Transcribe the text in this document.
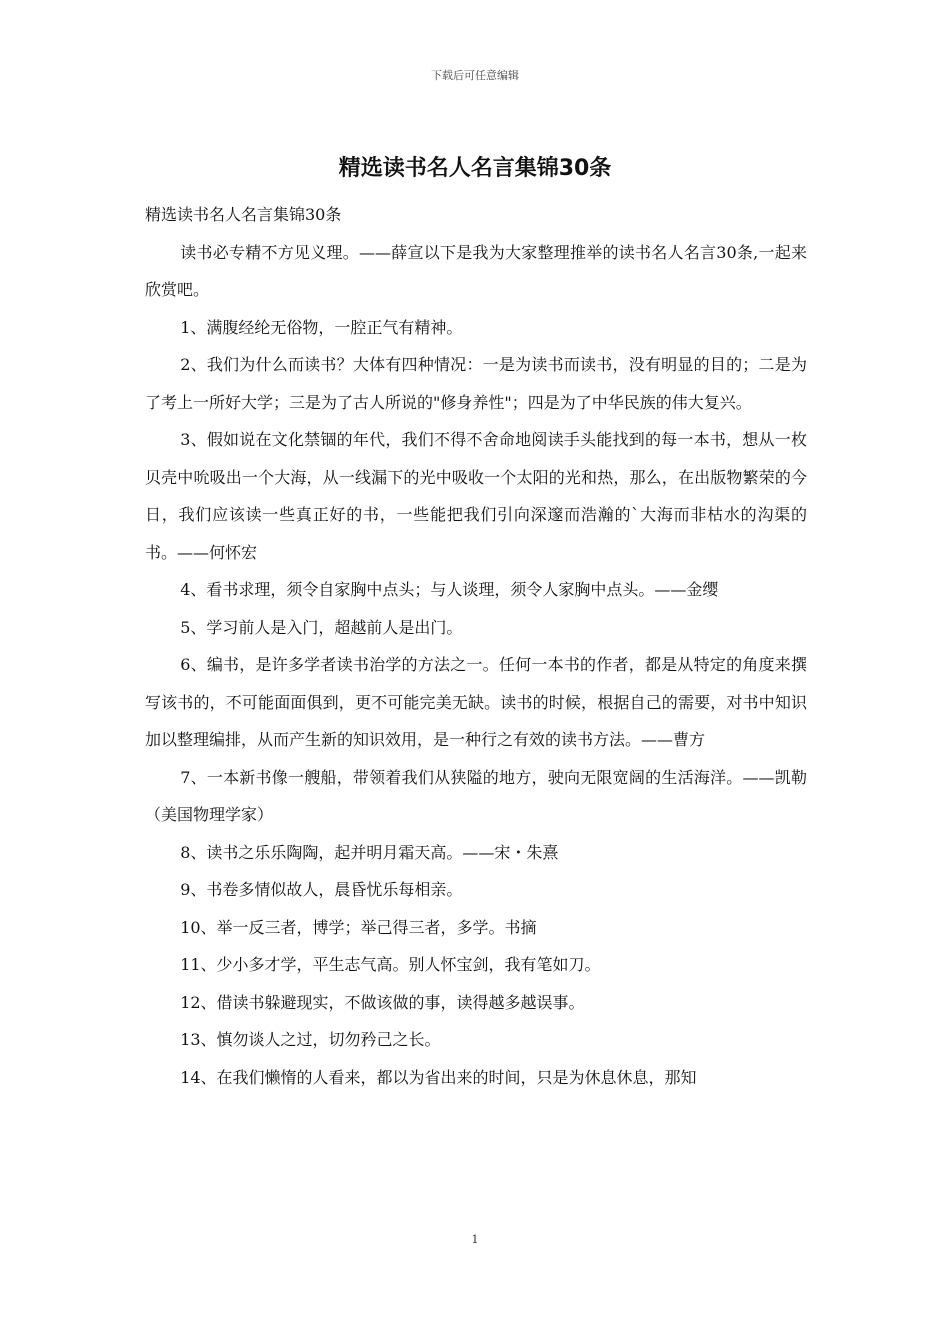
下载后可任意编辑
精选读书名人名言集锦30条

精选读书名人名言集锦30条

读书必专精不方见义理。——薛宣以下是我为大家整理推举的读书名人名言30条,一起来欣赏吧。

1、满腹经纶无俗物，一腔正气有精神。

2、我们为什么而读书？大体有四种情况：一是为读书而读书，没有明显的目的；二是为了考上一所好大学；三是为了古人所说的"修身养性"；四是为了中华民族的伟大复兴。

3、假如说在文化禁锢的年代，我们不得不舍命地阅读手头能找到的每一本书，想从一枚贝壳中吮吸出一个大海，从一线漏下的光中吸收一个太阳的光和热，那么，在出版物繁荣的今日，我们应该读一些真正好的书，一些能把我们引向深邃而浩瀚的`大海而非枯水的沟渠的书。——何怀宏

4、看书求理，须令自家胸中点头；与人谈理，须令人家胸中点头。——金缨

5、学习前人是入门，超越前人是出门。

6、编书，是许多学者读书治学的方法之一。任何一本书的作者，都是从特定的角度来撰写该书的，不可能面面俱到，更不可能完美无缺。读书的时候，根据自己的需要，对书中知识加以整理编排，从而产生新的知识效用，是一种行之有效的读书方法。——曹方

7、一本新书像一艘船，带领着我们从狭隘的地方，驶向无限宽阔的生活海洋。——凯勒（美国物理学家）

8、读书之乐乐陶陶，起并明月霜天高。——宋・朱熹

9、书卷多情似故人，晨昏忧乐每相亲。

10、举一反三者，博学；举己得三者，多学。书摘

11、少小多才学，平生志气高。别人怀宝剑，我有笔如刀。

12、借读书躲避现实，不做该做的事，读得越多越误事。

13、慎勿谈人之过，切勿矜己之长。

14、在我们懒惰的人看来，都以为省出来的时间，只是为休息休息，那知

1
